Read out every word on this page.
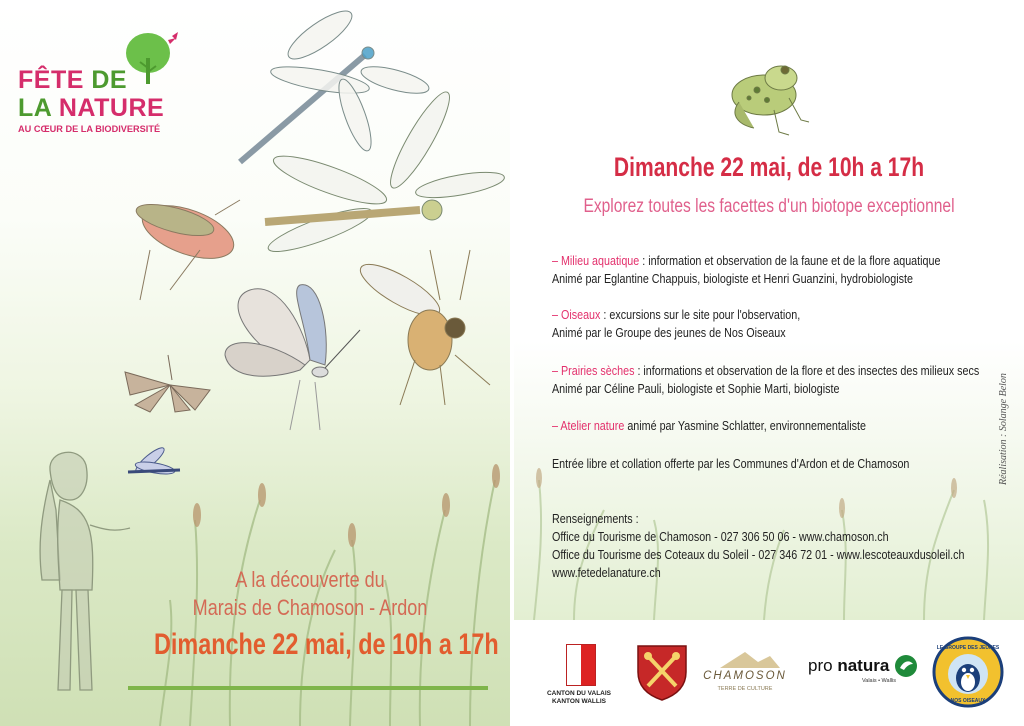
FÊTE DE
LA NATURE
AU CŒUR DE LA BIODIVERSITÉ
A la découverte du
Marais de Chamoson - Ardon
Dimanche 22 mai, de 10h a 17h
Dimanche 22 mai, de 10h a 17h
Explorez toutes les facettes d'un biotope exceptionnel
– Milieu aquatique : information et observation de la faune et de la flore aquatique
Animé par Eglantine Chappuis, biologiste et Henri Guanzini, hydrobiologiste
– Oiseaux : excursions sur le site pour l'observation,
Animé par le Groupe des jeunes de Nos Oiseaux
– Prairies sèches : informations et observation de la flore et des insectes des milieux secs
Animé par Céline Pauli, biologiste et Sophie Marti, biologiste
– Atelier nature animé par Yasmine Schlatter, environnementaliste
Entrée libre et collation offerte par les Communes d'Ardon et de Chamoson
Renseignements :
Office du Tourisme de Chamoson - 027 306 50 06 - www.chamoson.ch
Office du Tourisme des Coteaux du Soleil - 027 346 72 01 - www.lescoteauxdusoleil.ch
www.fetedelanature.ch
Réalisation : Solange Belon
CANTON DU VALAIS
KANTON WALLIS
CHAMOSON
TERRE DE CULTURE
pro natura
Valais • Wallis
LE GROUPE DES JEUNES
NOS OISEAUX
